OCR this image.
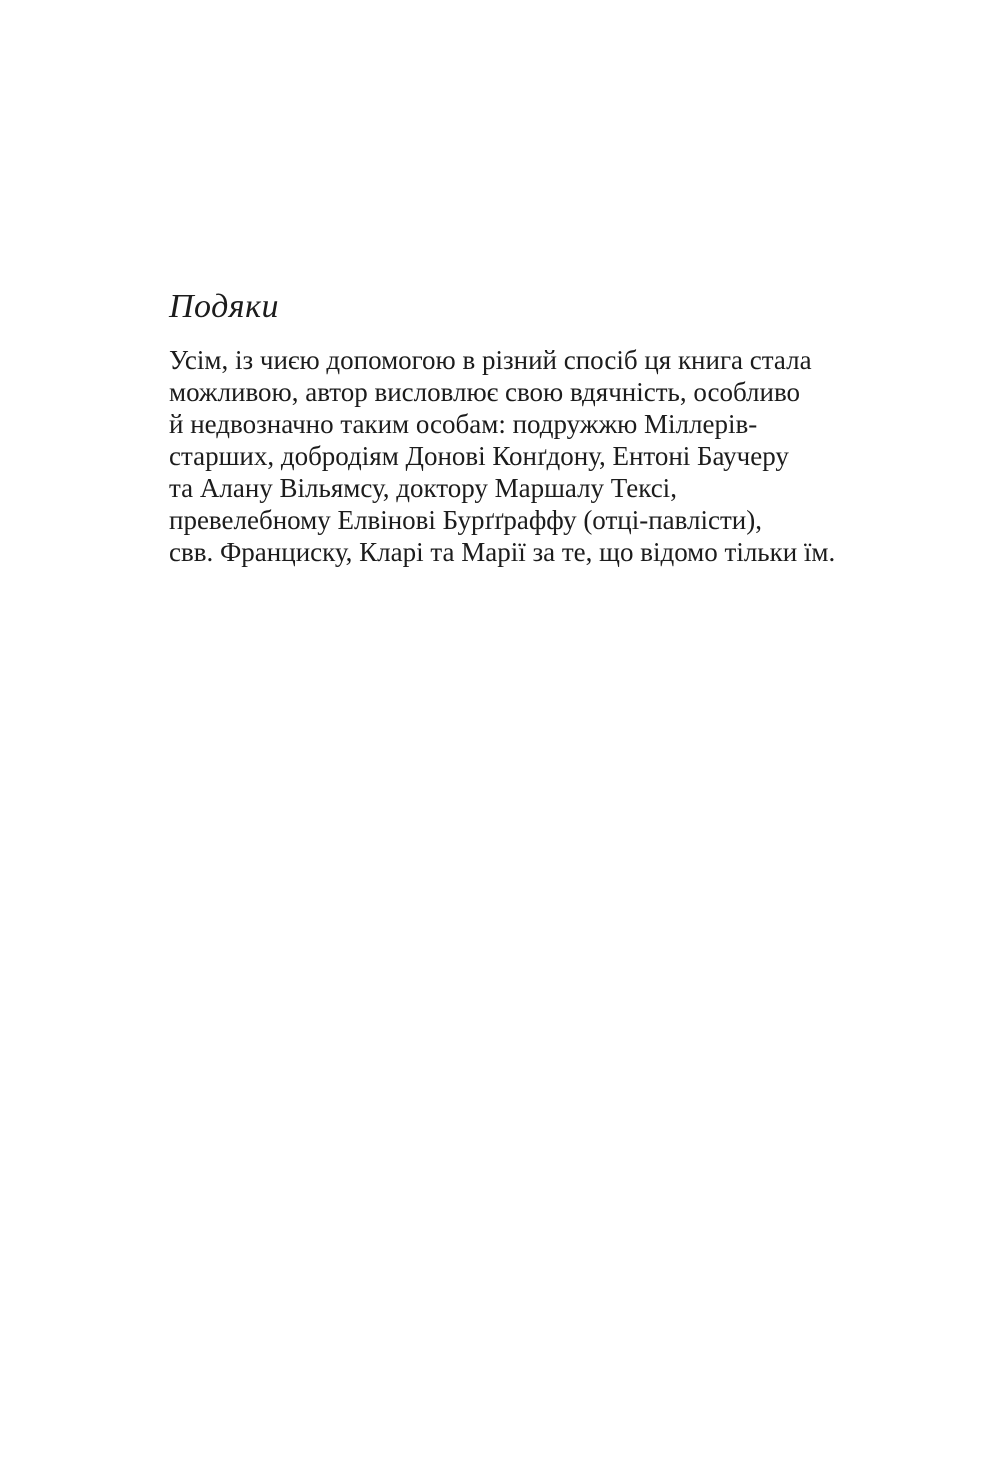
Подяки
Усім, із чиєю допомогою в різний спосіб ця книга стала
можливою, автор висловлює свою вдячність, особливо
й недвозначно таким особам: подружжю Міллерів-
старших, добродіям Донові Конґдону, Ентоні Баучеру
та Алану Вільямсу, доктору Маршалу Тексі,
превелебному Елвінові Бурґґраффу (отці-павлісти),
свв. Франциску, Кларі та Марії за те, що відомо тільки їм.
